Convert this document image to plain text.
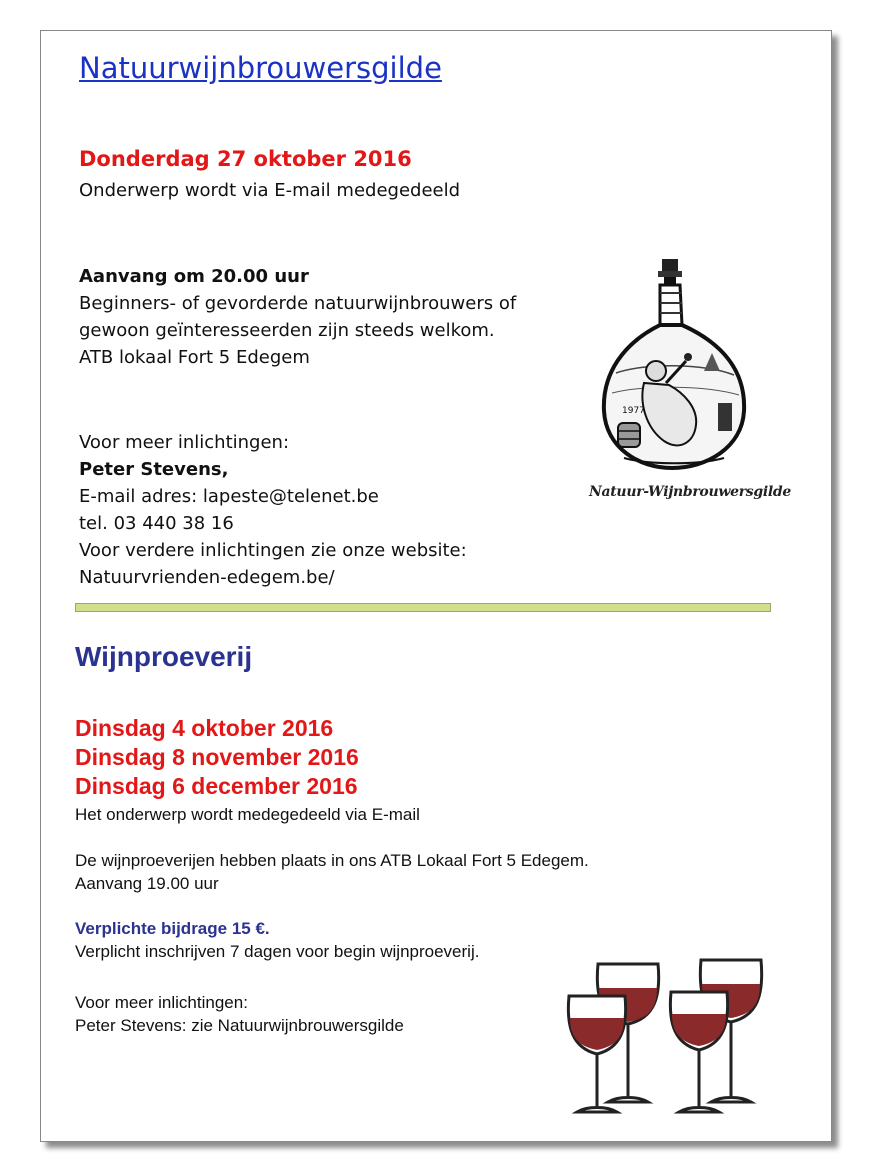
Natuurwijnbrouwersgilde
Donderdag 27 oktober 2016
Onderwerp wordt via E-mail medegedeeld
Aanvang om 20.00 uur
Beginners- of gevorderde natuurwijnbrouwers of
gewoon geïnteresseerden zijn steeds welkom.
ATB lokaal Fort 5 Edegem
Voor meer inlichtingen:
Peter Stevens,
E-mail adres: lapeste@telenet.be
tel. 03 440 38 16
Voor verdere inlichtingen zie onze website:
Natuurvrienden-edegem.be/
1977
Natuur-Wijnbrouwersgilde
Wijnproeverij
Dinsdag 4 oktober 2016
Dinsdag 8 november 2016
Dinsdag 6 december 2016
Het onderwerp wordt medegedeeld via E-mail
De wijnproeverijen hebben plaats in ons ATB Lokaal Fort 5 Edegem.
Aanvang 19.00 uur
Verplichte bijdrage 15 €.
Verplicht inschrijven 7 dagen voor begin wijnproeverij.
Voor meer inlichtingen:
Peter Stevens: zie Natuurwijnbrouwersgilde
